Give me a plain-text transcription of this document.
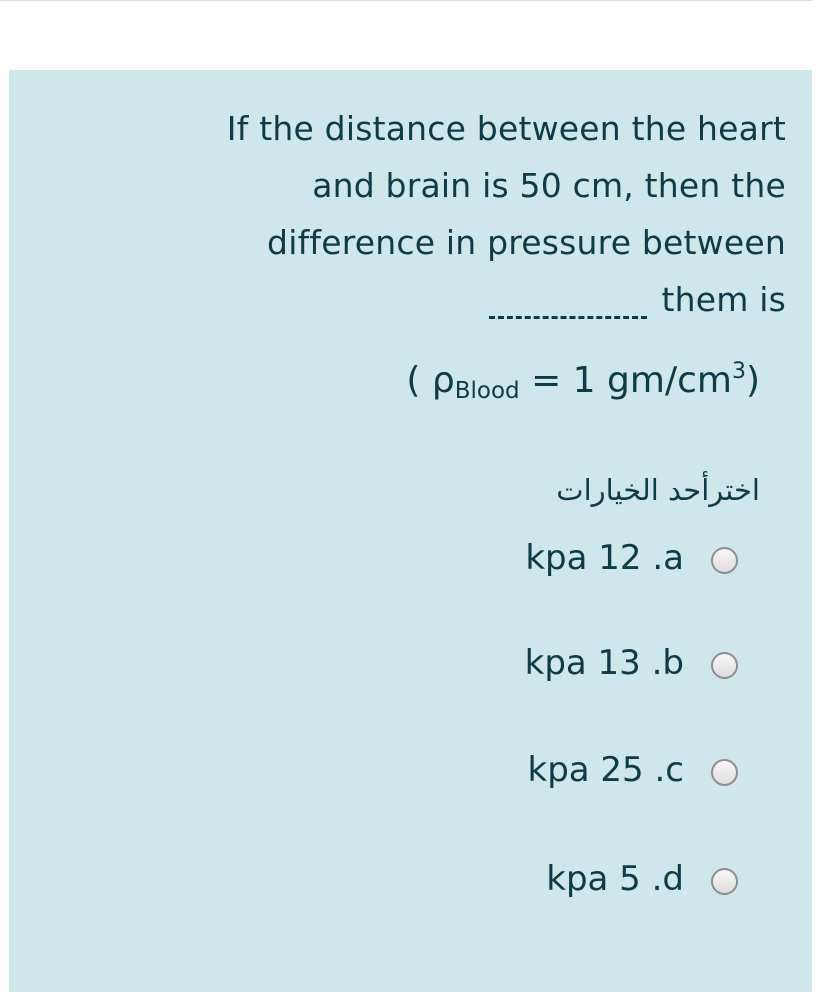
If the distance between the heart
and brain is 50 cm, then the
difference in pressure between
them is
( $\rho_{Blood} = 1$ $gm/cm^3$)
اخترأحد الخيارات
kpa 12 .a
kpa 13 .b
kpa 25 .c
kpa 5 .d
